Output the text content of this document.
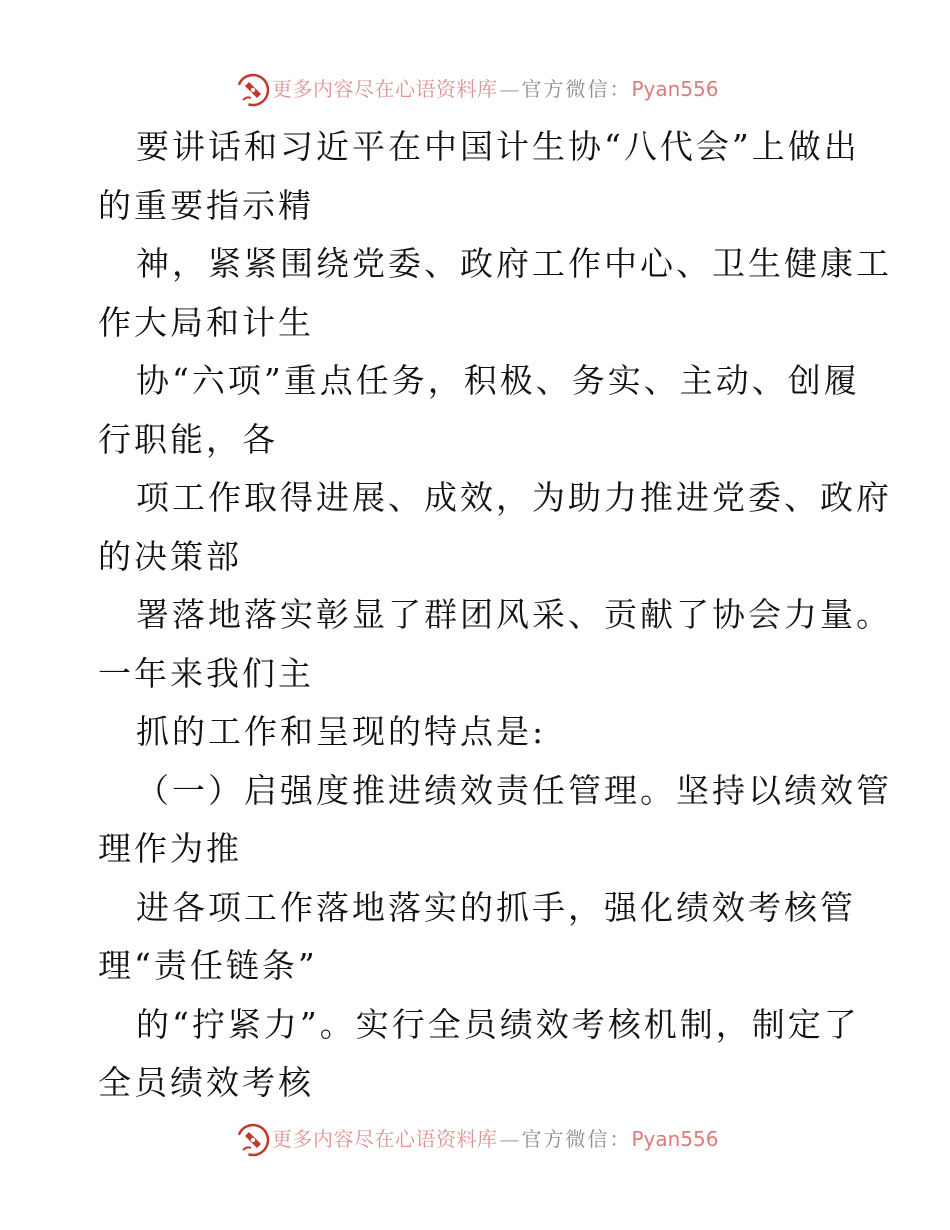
更多内容尽在心语资料库 — 官方微信：Pyan556
要讲话和习近平在中国计生协“八代会”上做出
的重要指示精
神，紧紧围绕党委、政府工作中心、卫生健康工
作大局和计生
协“六项”重点任务，积极、务实、主动、创履
行职能，各
项工作取得进展、成效，为助力推进党委、政府
的决策部
署落地落实彰显了群团风采、贡献了协会力量。
一年来我们主
抓的工作和呈现的特点是:
（一）启强度推进绩效责任管理。坚持以绩效管
理作为推
进各项工作落地落实的抓手，强化绩效考核管
理“责任链条”
的“拧紧力”。实行全员绩效考核机制，制定了
全员绩效考核
更多内容尽在心语资料库 — 官方微信：Pyan556
